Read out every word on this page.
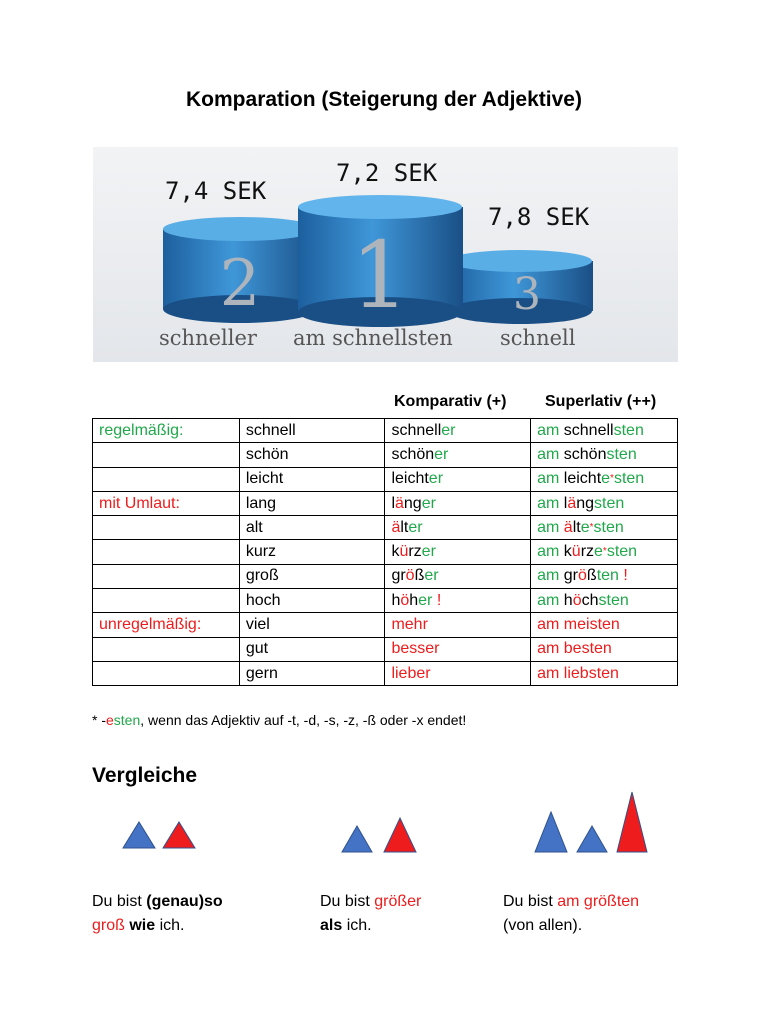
Komparation (Steigerung der Adjektive)
7,4 SEK
7,2 SEK
7,8 SEK
2 1 3
schneller am schnellsten schnell
Komparativ (+) Superlativ (++)
regelmäßig:	schnell	schneller	am schnellsten
	schön	schöner	am schönsten
	leicht	leichter	am leichte*sten
mit Umlaut:	lang	länger	am längsten
	alt	älter	am älte*sten
	kurz	kürzer	am kürze*sten
	groß	größer	am größten !
	hoch	höher !	am höchsten
unregelmäßig:	viel	mehr	am meisten
	gut	besser	am besten
	gern	lieber	am liebsten
* -esten, wenn das Adjektiv auf -t, -d, -s, -z, -ß oder -x endet!
Vergleiche
Du bist (genau)so
groß wie ich.
Du bist größer
als ich.
Du bist am größten
(von allen).
